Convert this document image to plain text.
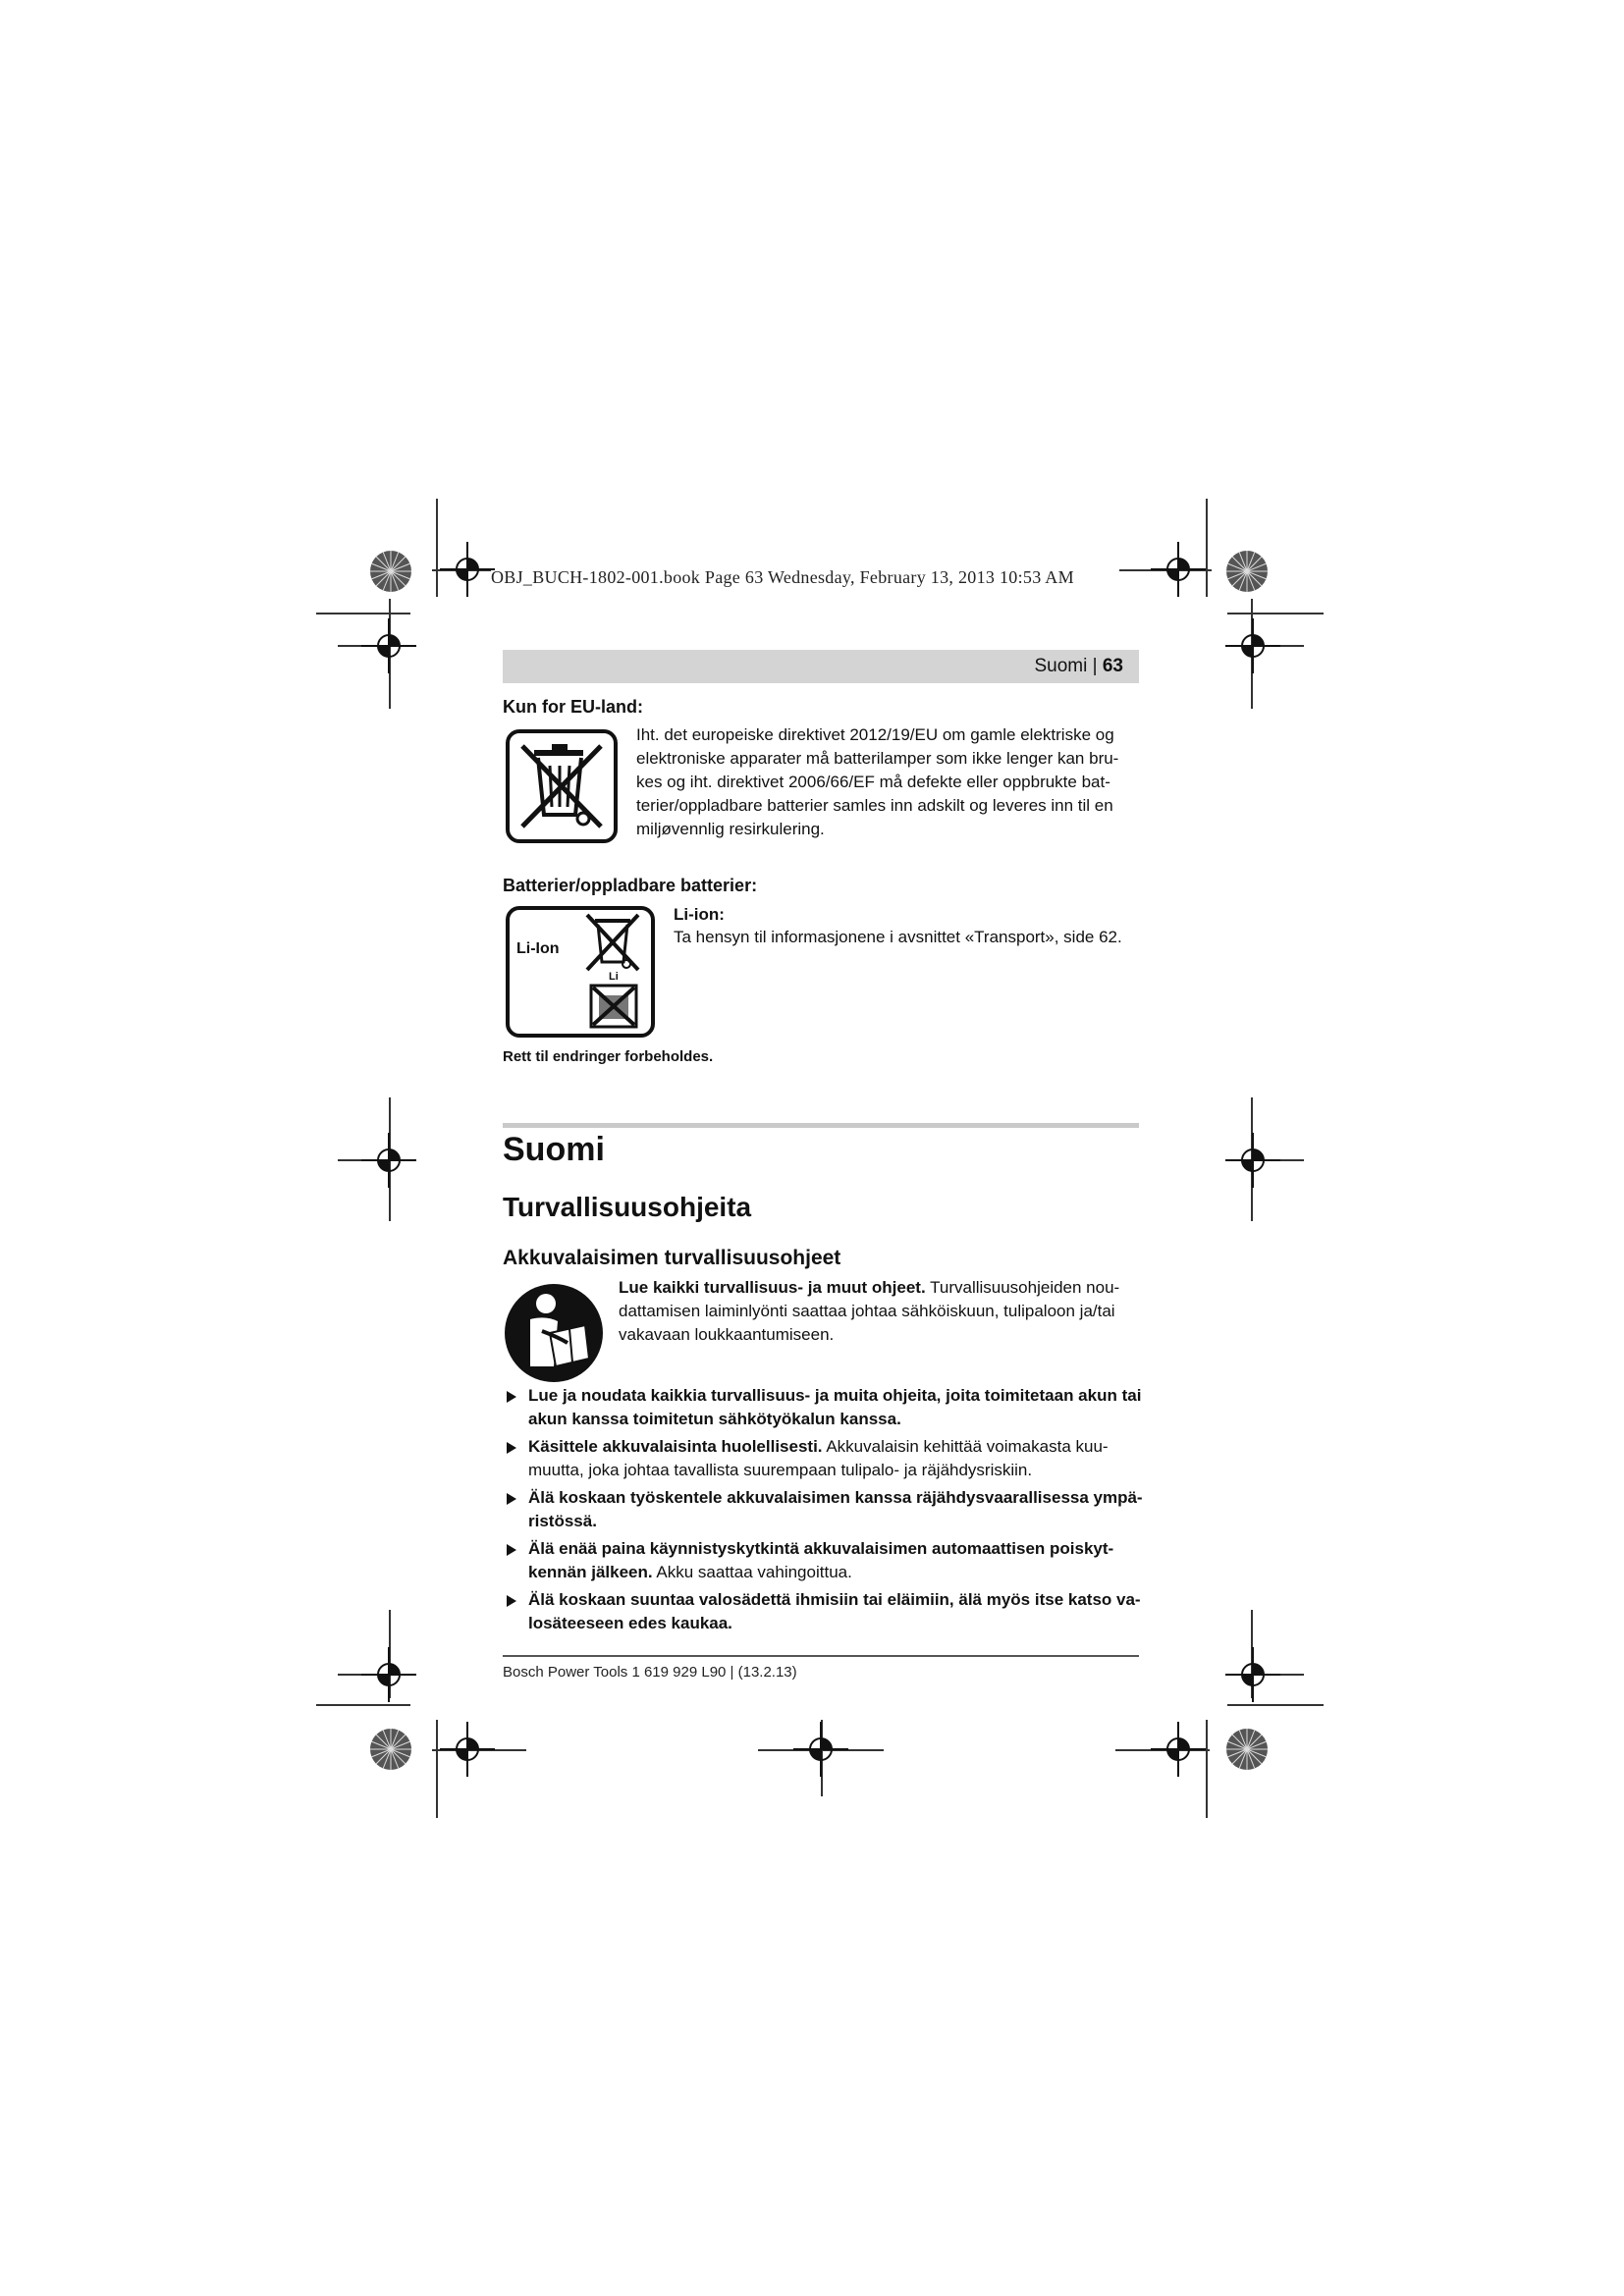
OBJ_BUCH-1802-001.book Page 63 Wednesday, February 13, 2013 10:53 AM
Suomi | 63
Kun for EU-land:
Iht. det europeiske direktivet 2012/19/EU om gamle elektriske og
elektroniske apparater må batterilamper som ikke lenger kan bru-
kes og iht. direktivet 2006/66/EF må defekte eller oppbrukte bat-
terier/oppladbare batterier samles inn adskilt og leveres inn til en
miljøvennlig resirkulering.
Batterier/oppladbare batterier:
Li-Ion
Li
Li-ion:
Ta hensyn til informasjonene i avsnittet «Transport», side 62.
Rett til endringer forbeholdes.
Suomi
Turvallisuusohjeita
Akkuvalaisimen turvallisuusohjeet
Lue kaikki turvallisuus- ja muut ohjeet. Turvallisuusohjeiden nou-
dattamisen laiminlyönti saattaa johtaa sähköiskuun, tulipaloon ja/tai
vakavaan loukkaantumiseen.
Lue ja noudata kaikkia turvallisuus- ja muita ohjeita, joita toimitetaan akun tai akun kanssa toimitetun sähkötyökalun kanssa.
Käsittele akkuvalaisinta huolellisesti. Akkuvalaisin kehittää voimakasta kuu-muutta, joka johtaa tavallista suurempaan tulipalo- ja räjähdysriskiin.
Älä koskaan työskentele akkuvalaisimen kanssa räjähdysvaarallisessa ympä-ristössä.
Älä enää paina käynnistyskytkintä akkuvalaisimen automaattisen poiskyt-kennän jälkeen. Akku saattaa vahingoittua.
Älä koskaan suuntaa valosädettä ihmisiin tai eläimiin, älä myös itse katso va-losäteeseen edes kaukaa.
Bosch Power Tools 1 619 929 L90 | (13.2.13)
